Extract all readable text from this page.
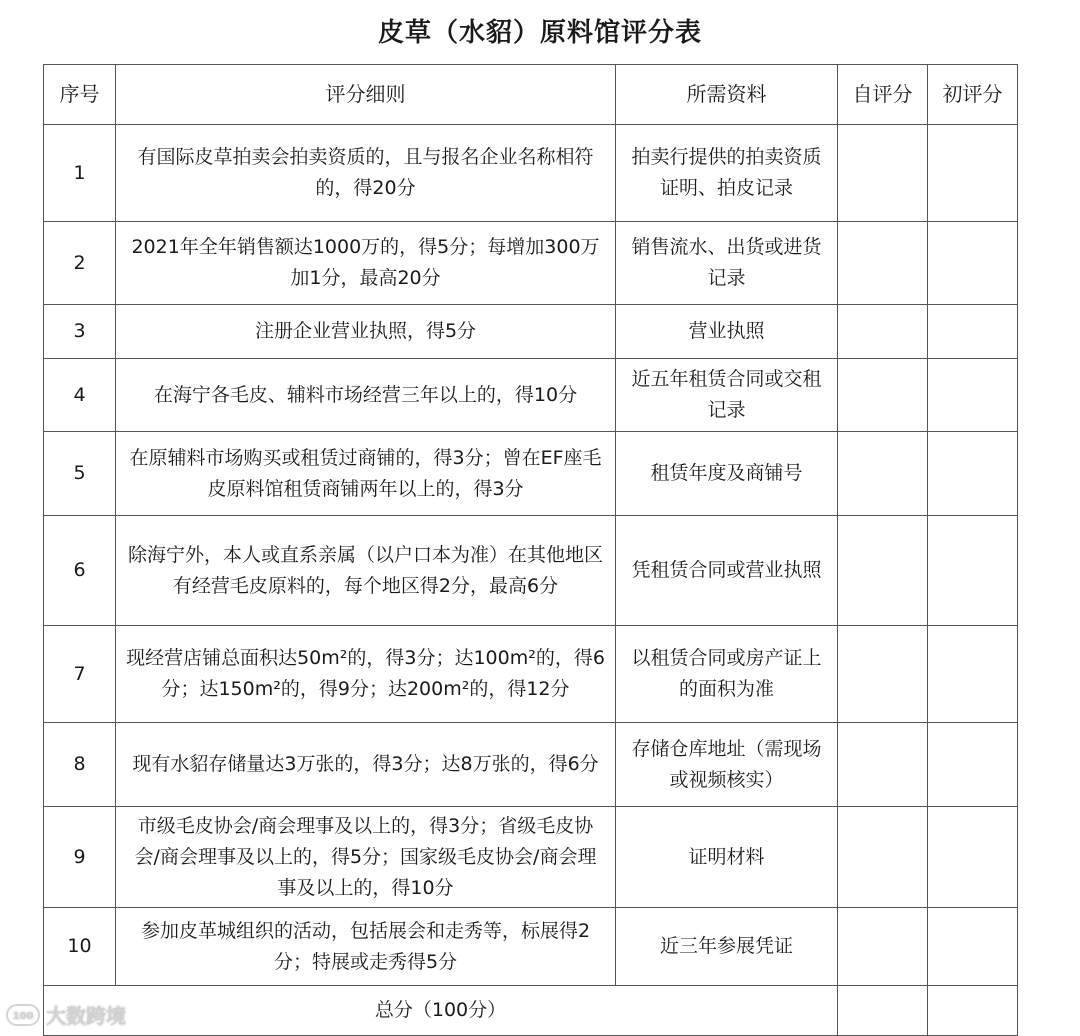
皮草（水貂）原料馆评分表
序号	评分细则	所需资料	自评分	初评分
1	有国际皮草拍卖会拍卖资质的，且与报名企业名称相符的，得20分	拍卖行提供的拍卖资质证明、拍皮记录		
2	2021年全年销售额达1000万的，得5分；每增加300万加1分，最高20分	销售流水、出货或进货记录		
3	注册企业营业执照，得5分	营业执照		
4	在海宁各毛皮、辅料市场经营三年以上的，得10分	近五年租赁合同或交租记录		
5	在原辅料市场购买或租赁过商铺的，得3分；曾在EF座毛皮原料馆租赁商铺两年以上的，得3分	租赁年度及商铺号		
6	除海宁外，本人或直系亲属（以户口本为准）在其他地区有经营毛皮原料的，每个地区得2分，最高6分	凭租赁合同或营业执照		
7	现经营店铺总面积达50m²的，得3分；达100m²的，得6分；达150m²的，得9分；达200m²的，得12分	以租赁合同或房产证上的面积为准		
8	现有水貂存储量达3万张的，得3分；达8万张的，得6分	存储仓库地址（需现场或视频核实）		
9	市级毛皮协会/商会理事及以上的，得3分；省级毛皮协会/商会理事及以上的，得5分；国家级毛皮协会/商会理事及以上的，得10分	证明材料		
10	参加皮革城组织的活动，包括展会和走秀等，标展得2分；特展或走秀得5分	近三年参展凭证		
总分（100分）				
100 大数跨境
